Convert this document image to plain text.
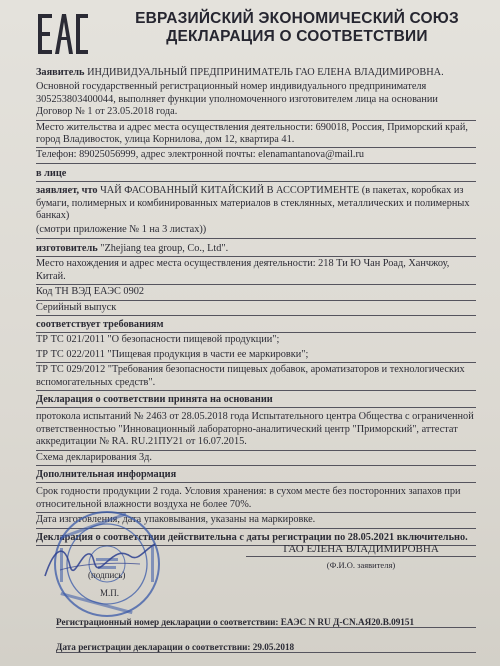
ЕВРАЗИЙСКИЙ ЭКОНОМИЧЕСКИЙ СОЮЗ
ДЕКЛАРАЦИЯ О СООТВЕТСТВИИ
Заявитель ИНДИВИДУАЛЬНЫЙ ПРЕДПРИНИМАТЕЛЬ ГАО ЕЛЕНА ВЛАДИМИРОВНА.
Основной государственный регистрационный номер индивидуального предпринимателя 305253803400044, выполняет функции уполномоченного изготовителем лица на основании Договор № 1 от 23.05.2018 года.
Место жительства и адрес места осуществления деятельности: 690018, Россия, Приморский край, город Владивосток, улица Корнилова, дом 12, квартира 41.
Телефон: 89025056999, адрес электронной почты: elenamantanova@mail.ru
в лице
заявляет, что ЧАЙ ФАСОВАННЫЙ КИТАЙСКИЙ В АССОРТИМЕНТЕ (в пакетах, коробках из бумаги, полимерных и комбинированных материалов в стеклянных, металлических и полимерных банках)
(смотри приложение № 1 на 3 листах))
изготовитель "Zhejiang tea group, Co., Ltd".
Место нахождения и адрес места осуществления деятельности: 218 Ти Ю Чан Роад, Ханчжоу, Китай.
Код ТН ВЭД ЕАЭС 0902
Серийный выпуск
соответствует требованиям
ТР ТС 021/2011 "О безопасности пищевой продукции";
ТР ТС 022/2011 "Пищевая продукция в части ее маркировки";
ТР ТС 029/2012 "Требования безопасности пищевых добавок, ароматизаторов и технологических вспомогательных средств".
Декларация о соответствии принята на основании
протокола испытаний № 2463 от 28.05.2018 года Испытательного центра Общества с ограниченной ответственностью "Инновационный лабораторно-аналитический центр "Приморский", аттестат аккредитации № RA. RU.21ПУ21 от 16.07.2015.
Схема декларирования 3д.
Дополнительная информация
Срок годности продукции 2 года. Условия хранения: в сухом месте без посторонних запахов при относительной влажности воздуха не более 70%.
Дата изготовления, дата упаковывания, указаны на маркировке.
Декларация о соответствии действительна с даты регистрации по 28.05.2021 включительно.
(подпись)
М.П.
ГАО ЕЛЕНА ВЛАДИМИРОВНА
(Ф.И.О. заявителя)
Регистрационный номер декларации о соответствии: ЕАЭС N RU Д-CN.АЯ20.В.09151
Дата регистрации декларации о соответствии: 29.05.2018
